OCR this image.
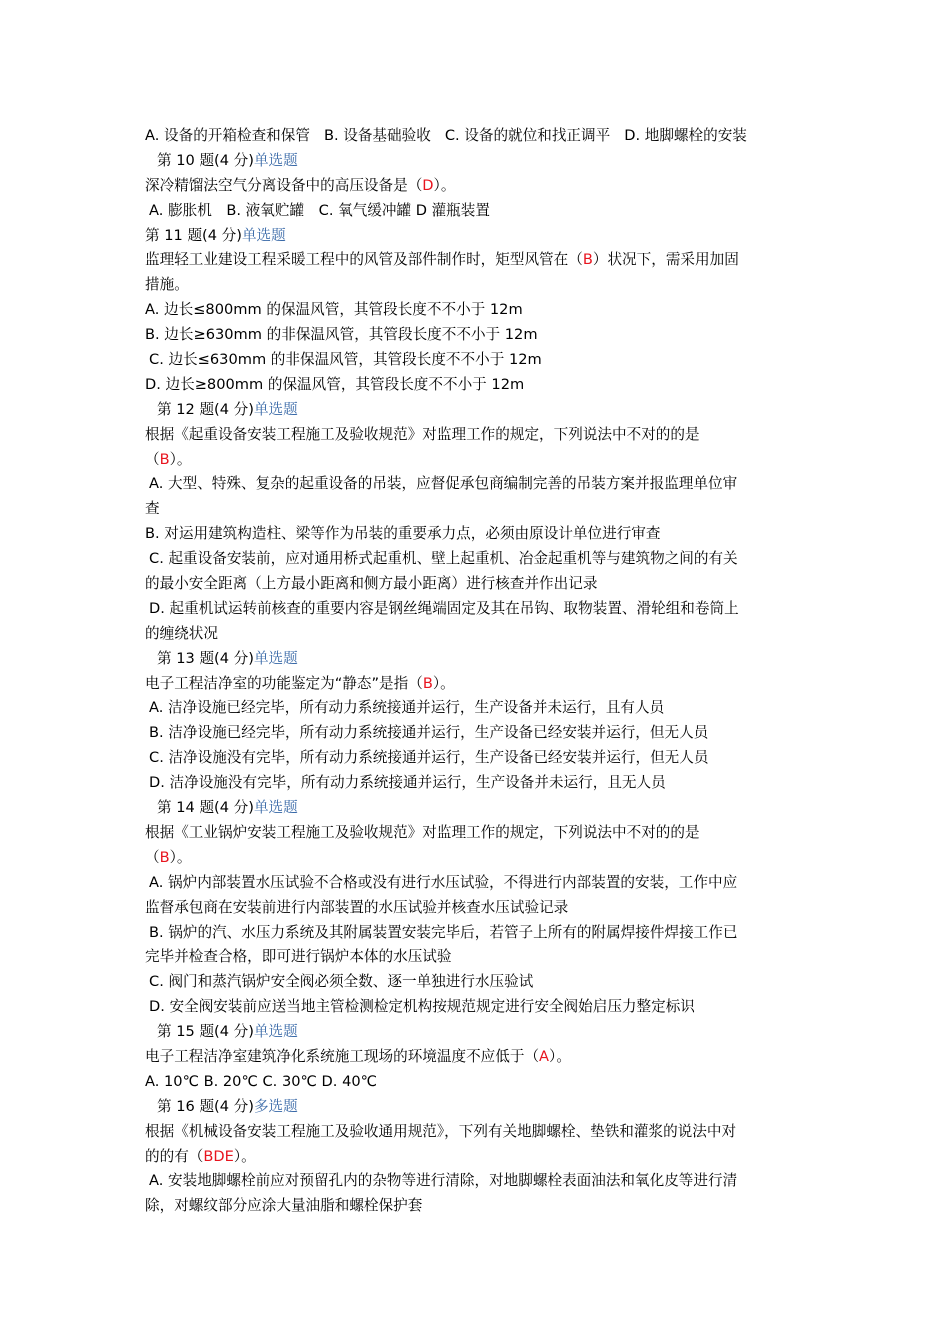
A. 设备的开箱检查和保管 B. 设备基础验收 C. 设备的就位和找正调平 D. 地脚螺栓的安装
第 10 题(4 分)单选题
深冷精馏法空气分离设备中的高压设备是（D）。
A. 膨胀机　B. 液氧贮罐　C. 氧气缓冲罐 D 灌瓶装置
第 11 题(4 分)单选题
监理轻工业建设工程采暖工程中的风管及部件制作时，矩型风管在（B）状况下，需采用加固
措施。
A. 边长≤800mm 的保温风管，其管段长度不不小于 12m
B. 边长≥630mm 的非保温风管，其管段长度不不小于 12m
C. 边长≤630mm 的非保温风管，其管段长度不不小于 12m
D. 边长≥800mm 的保温风管，其管段长度不不小于 12m
第 12 题(4 分)单选题
根据《起重设备安装工程施工及验收规范》对监理工作的规定，下列说法中不对的的是
（B）。
A. 大型、特殊、复杂的起重设备的吊装，应督促承包商编制完善的吊装方案并报监理单位审
查
B. 对运用建筑构造柱、梁等作为吊装的重要承力点，必须由原设计单位进行审查
C. 起重设备安装前，应对通用桥式起重机、壁上起重机、冶金起重机等与建筑物之间的有关
的最小安全距离（上方最小距离和侧方最小距离）进行核查并作出记录
D. 起重机试运转前核查的重要内容是钢丝绳端固定及其在吊钩、取物装置、滑轮组和卷筒上
的缠绕状况
第 13 题(4 分)单选题
电子工程洁净室的功能鉴定为“静态”是指（B）。
A. 洁净设施已经完毕，所有动力系统接通并运行，生产设备并未运行，且有人员
B. 洁净设施已经完毕，所有动力系统接通并运行，生产设备已经安装并运行，但无人员
C. 洁净设施没有完毕，所有动力系统接通并运行，生产设备已经安装并运行，但无人员
D. 洁净设施没有完毕，所有动力系统接通并运行，生产设备并未运行，且无人员
第 14 题(4 分)单选题
根据《工业锅炉安装工程施工及验收规范》对监理工作的规定，下列说法中不对的的是
（B）。
A. 锅炉内部装置水压试验不合格或没有进行水压试验，不得进行内部装置的安装，工作中应
监督承包商在安装前进行内部装置的水压试验并核查水压试验记录
B. 锅炉的汽、水压力系统及其附属装置安装完毕后，若管子上所有的附属焊接件焊接工作已
完毕并检查合格，即可进行锅炉本体的水压试验
C. 阀门和蒸汽锅炉安全阀必须全数、逐一单独进行水压验试
D. 安全阀安装前应送当地主管检测检定机构按规范规定进行安全阀始启压力整定标识
第 15 题(4 分)单选题
电子工程洁净室建筑净化系统施工现场的环境温度不应低于（A）。
A. 10℃ B. 20℃ C. 30℃ D. 40℃
第 16 题(4 分)多选题
根据《机械设备安装工程施工及验收通用规范》，下列有关地脚螺栓、垫铁和灌浆的说法中对
的的有（BDE）。
A. 安装地脚螺栓前应对预留孔内的杂物等进行清除，对地脚螺栓表面油法和氧化皮等进行清
除，对螺纹部分应涂大量油脂和螺栓保护套
